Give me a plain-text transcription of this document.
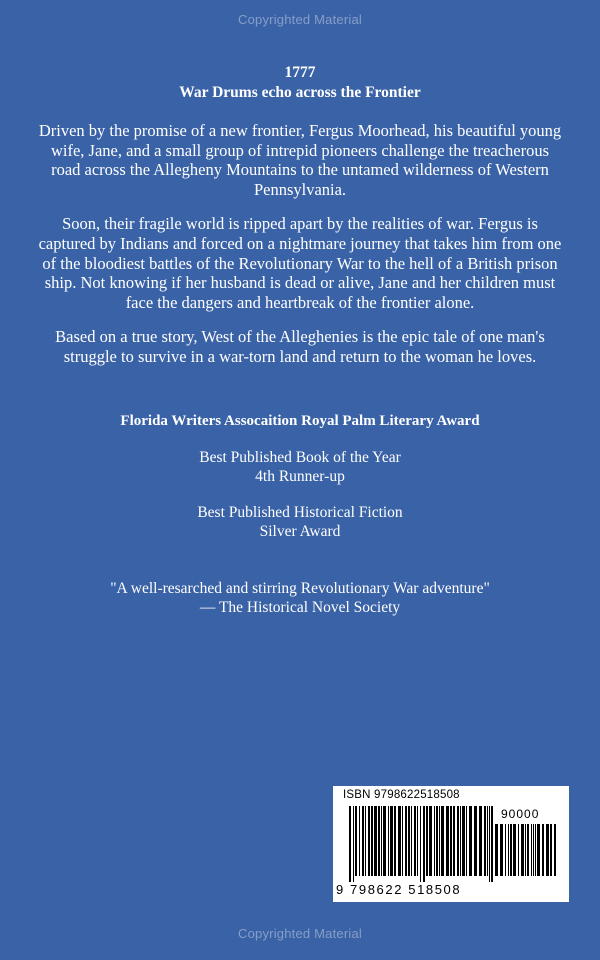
Copyrighted Material
1777
War Drums echo across the Frontier

Driven by the promise of a new frontier, Fergus Moorhead, his beautiful young wife, Jane, and a small group of intrepid pioneers challenge the treacherous road across the Allegheny Mountains to the untamed wilderness of Western Pennsylvania.

Soon, their fragile world is ripped apart by the realities of war. Fergus is captured by Indians and forced on a nightmare journey that takes him from one of the bloodiest battles of the Revolutionary War to the hell of a British prison ship. Not knowing if her husband is dead or alive, Jane and her children must face the dangers and heartbreak of the frontier alone.

Based on a true story, West of the Alleghenies is the epic tale of one man's struggle to survive in a war-torn land and return to the woman he loves.

Florida Writers Assocaition Royal Palm Literary Award
Best Published Book of the Year
4th Runner-up
Best Published Historical Fiction
Silver Award
"A well-resarched and stirring Revolutionary War adventure"
— The Historical Novel Society
ISBN 9798622518508
90000
9 798622 518508
Copyrighted Material
